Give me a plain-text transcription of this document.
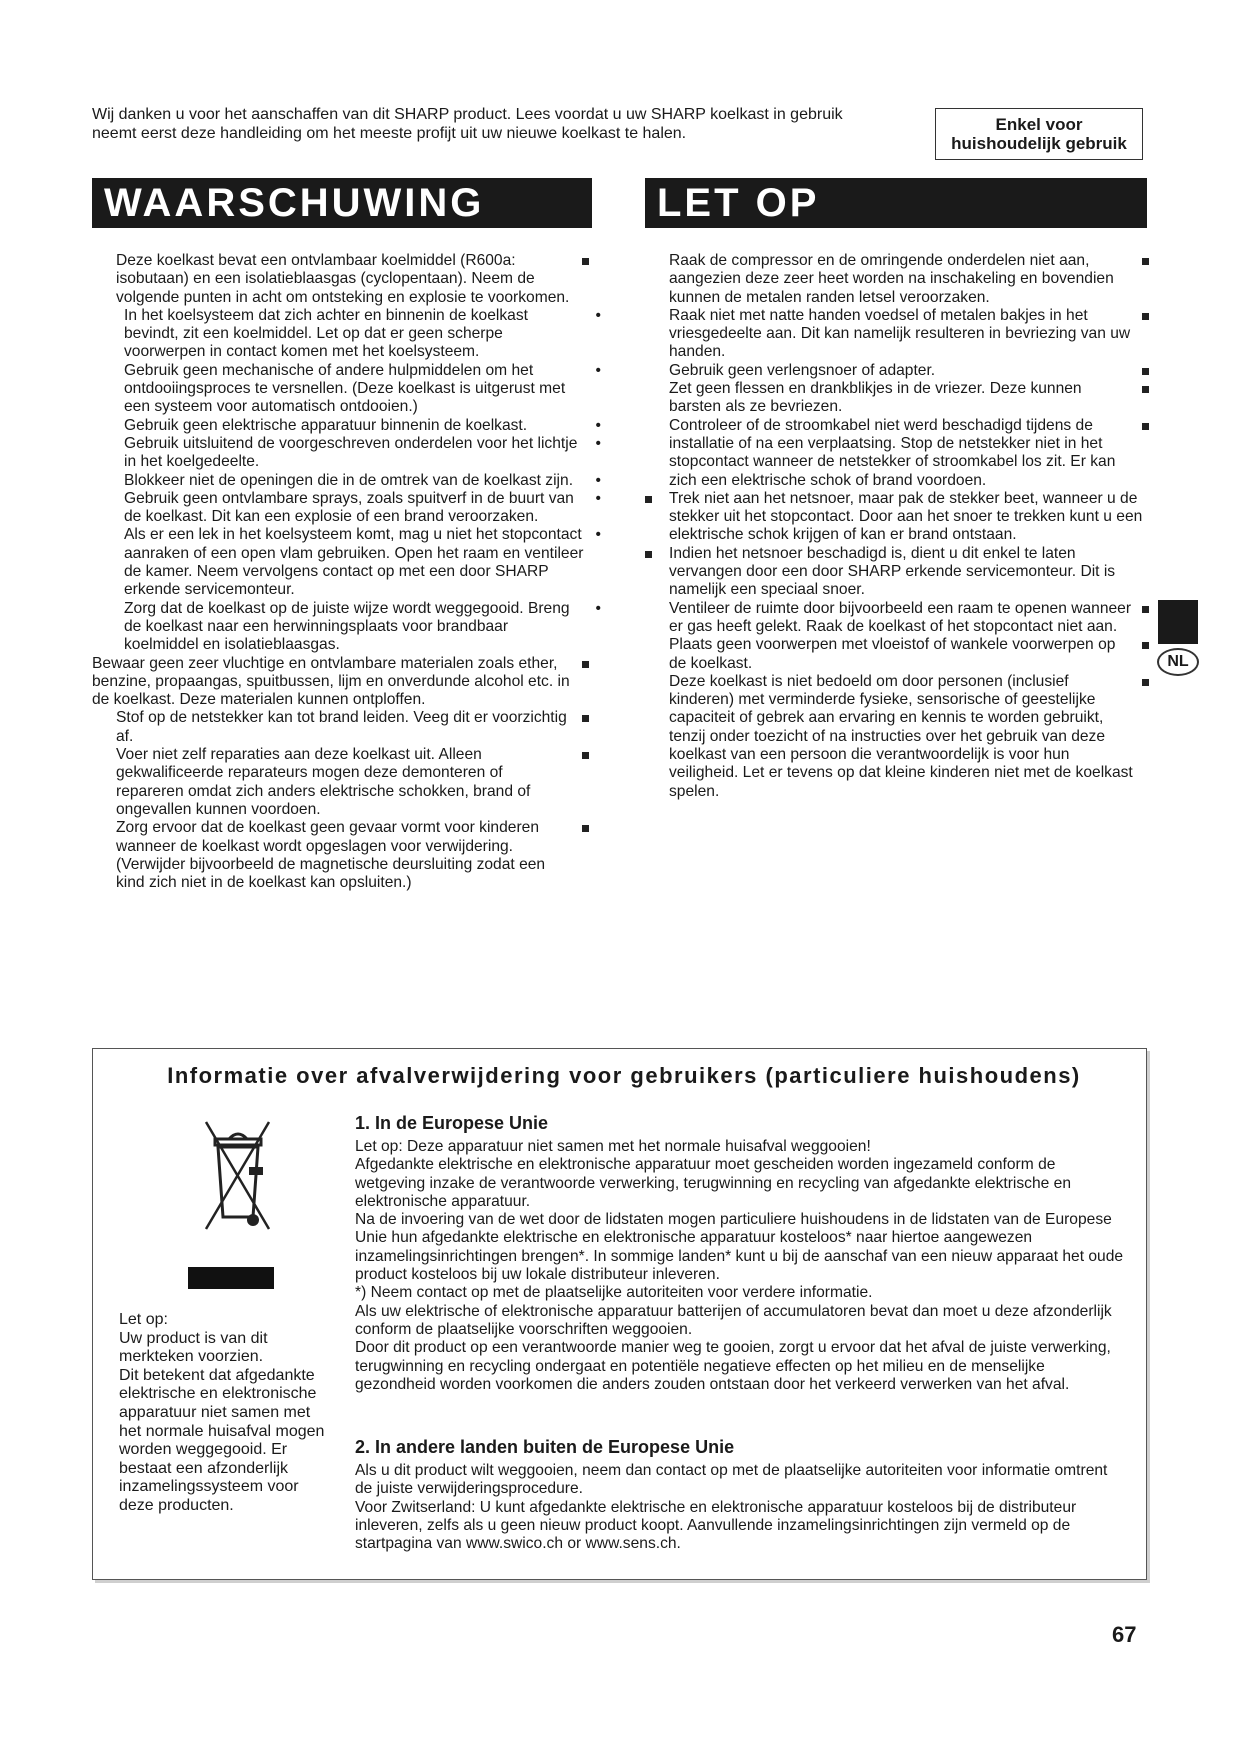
Wij danken u voor het aanschaffen van dit SHARP product. Lees voordat u uw SHARP koelkast in gebruik neemt eerst deze handleiding om het meeste profijt uit uw nieuwe koelkast te halen.	Enkel voor
huishoudelijk gebruik
WAARSCHUWING	LET OP
Deze koelkast bevat een ontvlambaar koelmiddel (R600a: isobutaan) en een isolatieblaasgas (cyclopentaan). Neem de volgende punten in acht om ontsteking en explosie te voorkomen.
In het koelsysteem dat zich achter en binnenin de koelkast bevindt, zit een koelmiddel. Let op dat er geen scherpe voorwerpen in contact komen met het koelsysteem.
•
Gebruik geen mechanische of andere hulpmiddelen om het ontdooiingsproces te versnellen. (Deze koelkast is uitgerust met een systeem voor automatisch ontdooien.)
•
Gebruik geen elektrische apparatuur binnenin de koelkast.	•
Gebruik uitsluitend de voorgeschreven onderdelen voor het lichtje in het koelgedeelte.
•
Blokkeer niet de openingen die in de omtrek van de koelkast zijn.	•
Gebruik geen ontvlambare sprays, zoals spuitverf in de buurt van de koelkast. Dit kan een explosie of een brand veroorzaken.
•
Als er een lek in het koelsysteem komt, mag u niet het stopcontact aanraken of een open vlam gebruiken. Open het raam en ventileer de kamer. Neem vervolgens contact op met een door SHARP erkende servicemonteur.
•
Zorg dat de koelkast op de juiste wijze wordt weggegooid. Breng de koelkast naar een herwinningsplaats voor brandbaar koelmiddel en isolatieblaasgas.
•
Bewaar geen zeer vluchtige en ontvlambare materialen zoals ether, benzine, propaangas, spuitbussen, lijm en onverdunde alcohol etc. in de koelkast. Deze materialen kunnen ontploffen.
Stof op de netstekker kan tot brand leiden. Veeg dit er voorzichtig af.
Voer niet zelf reparaties aan deze koelkast uit. Alleen gekwalificeerde reparateurs mogen deze demonteren of repareren omdat zich anders elektrische schokken, brand of ongevallen kunnen voordoen.
Zorg ervoor dat de koelkast geen gevaar vormt voor kinderen wanneer de koelkast wordt opgeslagen voor verwijdering. (Verwijder bijvoorbeeld de magnetische deursluiting zodat een kind zich niet in de koelkast kan opsluiten.)
Raak de compressor en de omringende onderdelen niet aan, aangezien deze zeer heet worden na inschakeling en bovendien kunnen de metalen randen letsel veroorzaken.
Raak niet met natte handen voedsel of metalen bakjes in het vriesgedeelte aan. Dit kan namelijk resulteren in bevriezing van uw handen.
Gebruik geen verlengsnoer of adapter.
Zet geen flessen en drankblikjes in de vriezer. Deze kunnen barsten als ze bevriezen.
Controleer of de stroomkabel niet werd beschadigd tijdens de installatie of na een verplaatsing. Stop de netstekker niet in het stopcontact wanneer de netstekker of stroomkabel los zit. Er kan zich een elektrische schok of brand voordoen.
Trek niet aan het netsnoer, maar pak de stekker beet, wanneer u de stekker uit het stopcontact. Door aan het snoer te trekken kunt u een elektrische schok krijgen of kan er brand ontstaan.
Indien het netsnoer beschadigd is, dient u dit enkel te laten vervangen door een door SHARP erkende servicemonteur. Dit is namelijk een speciaal snoer.
Ventileer de ruimte door bijvoorbeeld een raam te openen wanneer er gas heeft gelekt. Raak de koelkast of het stopcontact niet aan.
Plaats geen voorwerpen met vloeistof of wankele voorwerpen op de koelkast.
Deze koelkast is niet bedoeld om door personen (inclusief kinderen) met verminderde fysieke, sensorische of geestelijke capaciteit of gebrek aan ervaring en kennis te worden gebruikt, tenzij onder toezicht of na instructies over het gebruik van deze koelkast van een persoon die verantwoordelijk is voor hun veiligheid. Let er tevens op dat kleine kinderen niet met de koelkast spelen.
NL
Informatie over afvalverwijdering voor gebruikers (particuliere huishoudens)
Let op:
Uw product is van dit merkteken voorzien.
Dit betekent dat afgedankte elektrische en elektronische apparatuur niet samen met het normale huisafval mogen worden weggegooid. Er bestaat een afzonderlijk inzamelingssysteem voor deze producten.
1. In de Europese Unie

Let op: Deze apparatuur niet samen met het normale huisafval weggooien!
Afgedankte elektrische en elektronische apparatuur moet gescheiden worden ingezameld conform de wetgeving inzake de verantwoorde verwerking, terugwinning en recycling van afgedankte elektrische en elektronische apparatuur.
Na de invoering van de wet door de lidstaten mogen particuliere huishoudens in de lidstaten van de Europese Unie hun afgedankte elektrische en elektronische apparatuur kosteloos* naar hiertoe aangewezen inzamelingsinrichtingen brengen*. In sommige landen* kunt u bij de aanschaf van een nieuw apparaat het oude product kosteloos bij uw lokale distributeur inleveren.
*) Neem contact op met de plaatselijke autoriteiten voor verdere informatie.
Als uw elektrische of elektronische apparatuur batterijen of accumulatoren bevat dan moet u deze afzonderlijk conform de plaatselijke voorschriften weggooien.
Door dit product op een verantwoorde manier weg te gooien, zorgt u ervoor dat het afval de juiste verwerking, terugwinning en recycling ondergaat en potentiële negatieve effecten op het milieu en de menselijke gezondheid worden voorkomen die anders zouden ontstaan door het verkeerd verwerken van het afval.

2. In andere landen buiten de Europese Unie

Als u dit product wilt weggooien, neem dan contact op met de plaatselijke autoriteiten voor informatie omtrent de juiste verwijderingsprocedure.
Voor Zwitserland: U kunt afgedankte elektrische en elektronische apparatuur kosteloos bij de distributeur inleveren, zelfs als u geen nieuw product koopt. Aanvullende inzamelingsinrichtingen zijn vermeld op de startpagina van www.swico.ch or www.sens.ch.

67
